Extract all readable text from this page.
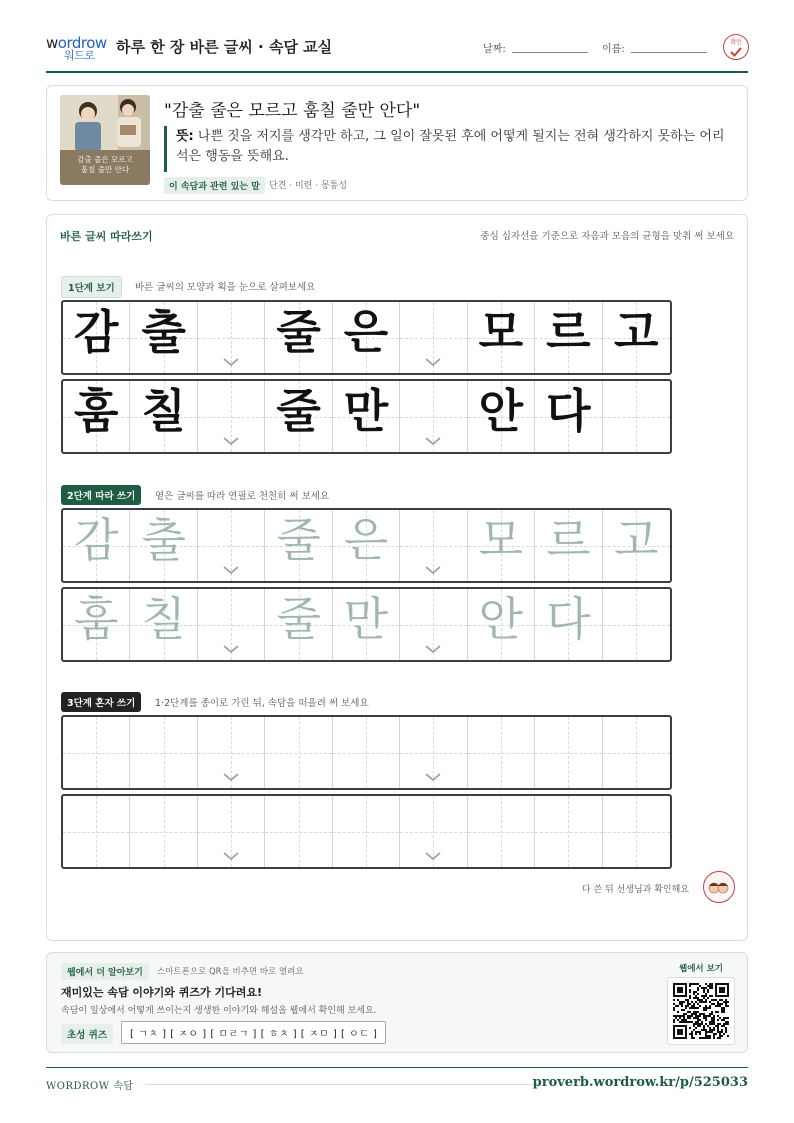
wordrow
워드로 하루 한 장 바른 글씨 · 속담 교실	날짜:	이름:
확인
감출 줄은 모르고
훔칠 줄만 안다
"감출 줄은 모르고 훔칠 줄만 안다"
뜻: 나쁜 짓을 저지를 생각만 하고, 그 일이 잘못된 후에 어떻게 될지는 전혀 생각하지 못하는 어리석은 행동을 뜻해요.
이 속담과 관련 있는 말	단견 · 미련 · 몽통성
바른 글씨 따라쓰기	중심 십자선을 기준으로 자음과 모음의 균형을 맞춰 써 보세요
1단계 보기	바른 글씨의 모양과 획을 눈으로 살펴보세요
감 출 줄 은 모 르 고
훔 칠 줄 만 안 다
2단계 따라 쓰기	옅은 글씨를 따라 연필로 천천히 써 보세요
감 출 줄 은 모 르 고
훔 칠 줄 만 안 다
3단계 혼자 쓰기	1·2단계를 종이로 가린 뒤, 속담을 떠올려 써 보세요
다 쓴 뒤 선생님과 확인해요
웹에서 더 알아보기	스마트폰으로 QR을 비추면 바로 열려요
재미있는 속담 이야기와 퀴즈가 기다려요!
속담이 일상에서 어떻게 쓰이는지 생생한 이야기와 해설을 웹에서 확인해 보세요.
초성 퀴즈	[ ㄱㅊ ] [ ㅈㅇ ] [ ㅁㄹㄱ ] [ ㅎㅊ ] [ ㅈㅁ ] [ ㅇㄷ ]
웹에서 보기
WORDROW 속담	proverb.wordrow.kr/p/525033
